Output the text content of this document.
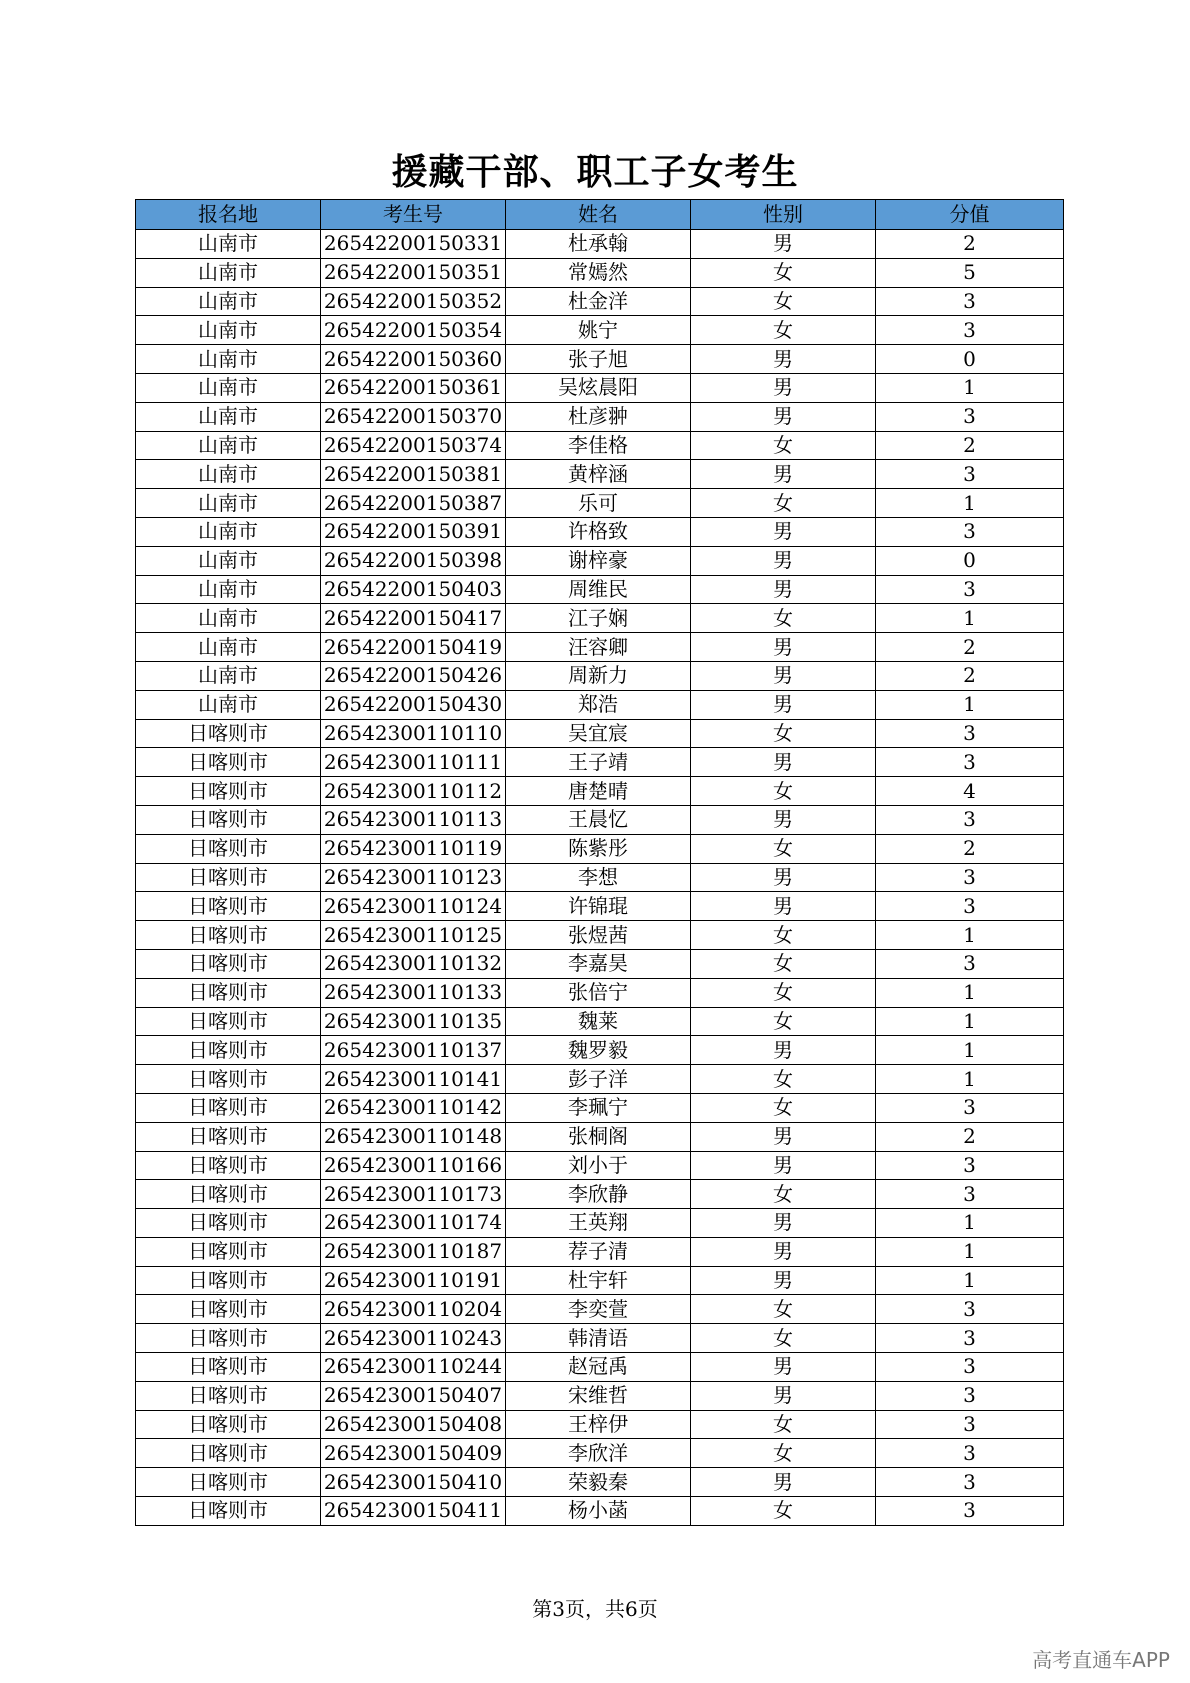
援藏干部、职工子女考生
报名地	考生号	姓名	性别	分值
山南市	26542200150331	杜承翰	男	2
山南市	26542200150351	常嫣然	女	5
山南市	26542200150352	杜金洋	女	3
山南市	26542200150354	姚宁	女	3
山南市	26542200150360	张子旭	男	0
山南市	26542200150361	吴炫晨阳	男	1
山南市	26542200150370	杜彦翀	男	3
山南市	26542200150374	李佳格	女	2
山南市	26542200150381	黄梓涵	男	3
山南市	26542200150387	乐可	女	1
山南市	26542200150391	许格致	男	3
山南市	26542200150398	谢梓豪	男	0
山南市	26542200150403	周维民	男	3
山南市	26542200150417	江子娴	女	1
山南市	26542200150419	汪容卿	男	2
山南市	26542200150426	周新力	男	2
山南市	26542200150430	郑浩	男	1
日喀则市	26542300110110	吴宜宸	女	3
日喀则市	26542300110111	王子靖	男	3
日喀则市	26542300110112	唐楚晴	女	4
日喀则市	26542300110113	王晨忆	男	3
日喀则市	26542300110119	陈紫彤	女	2
日喀则市	26542300110123	李想	男	3
日喀则市	26542300110124	许锦琨	男	3
日喀则市	26542300110125	张煜茜	女	1
日喀则市	26542300110132	李嘉昊	女	3
日喀则市	26542300110133	张倍宁	女	1
日喀则市	26542300110135	魏莱	女	1
日喀则市	26542300110137	魏罗毅	男	1
日喀则市	26542300110141	彭子洋	女	1
日喀则市	26542300110142	李珮宁	女	3
日喀则市	26542300110148	张桐阁	男	2
日喀则市	26542300110166	刘小于	男	3
日喀则市	26542300110173	李欣静	女	3
日喀则市	26542300110174	王英翔	男	1
日喀则市	26542300110187	荐子清	男	1
日喀则市	26542300110191	杜宇轩	男	1
日喀则市	26542300110204	李奕萱	女	3
日喀则市	26542300110243	韩清语	女	3
日喀则市	26542300110244	赵冠禹	男	3
日喀则市	26542300150407	宋维哲	男	3
日喀则市	26542300150408	王梓伊	女	3
日喀则市	26542300150409	李欣洋	女	3
日喀则市	26542300150410	荣毅秦	男	3
日喀则市	26542300150411	杨小菡	女	3
第3页，共6页
高考直通车APP
